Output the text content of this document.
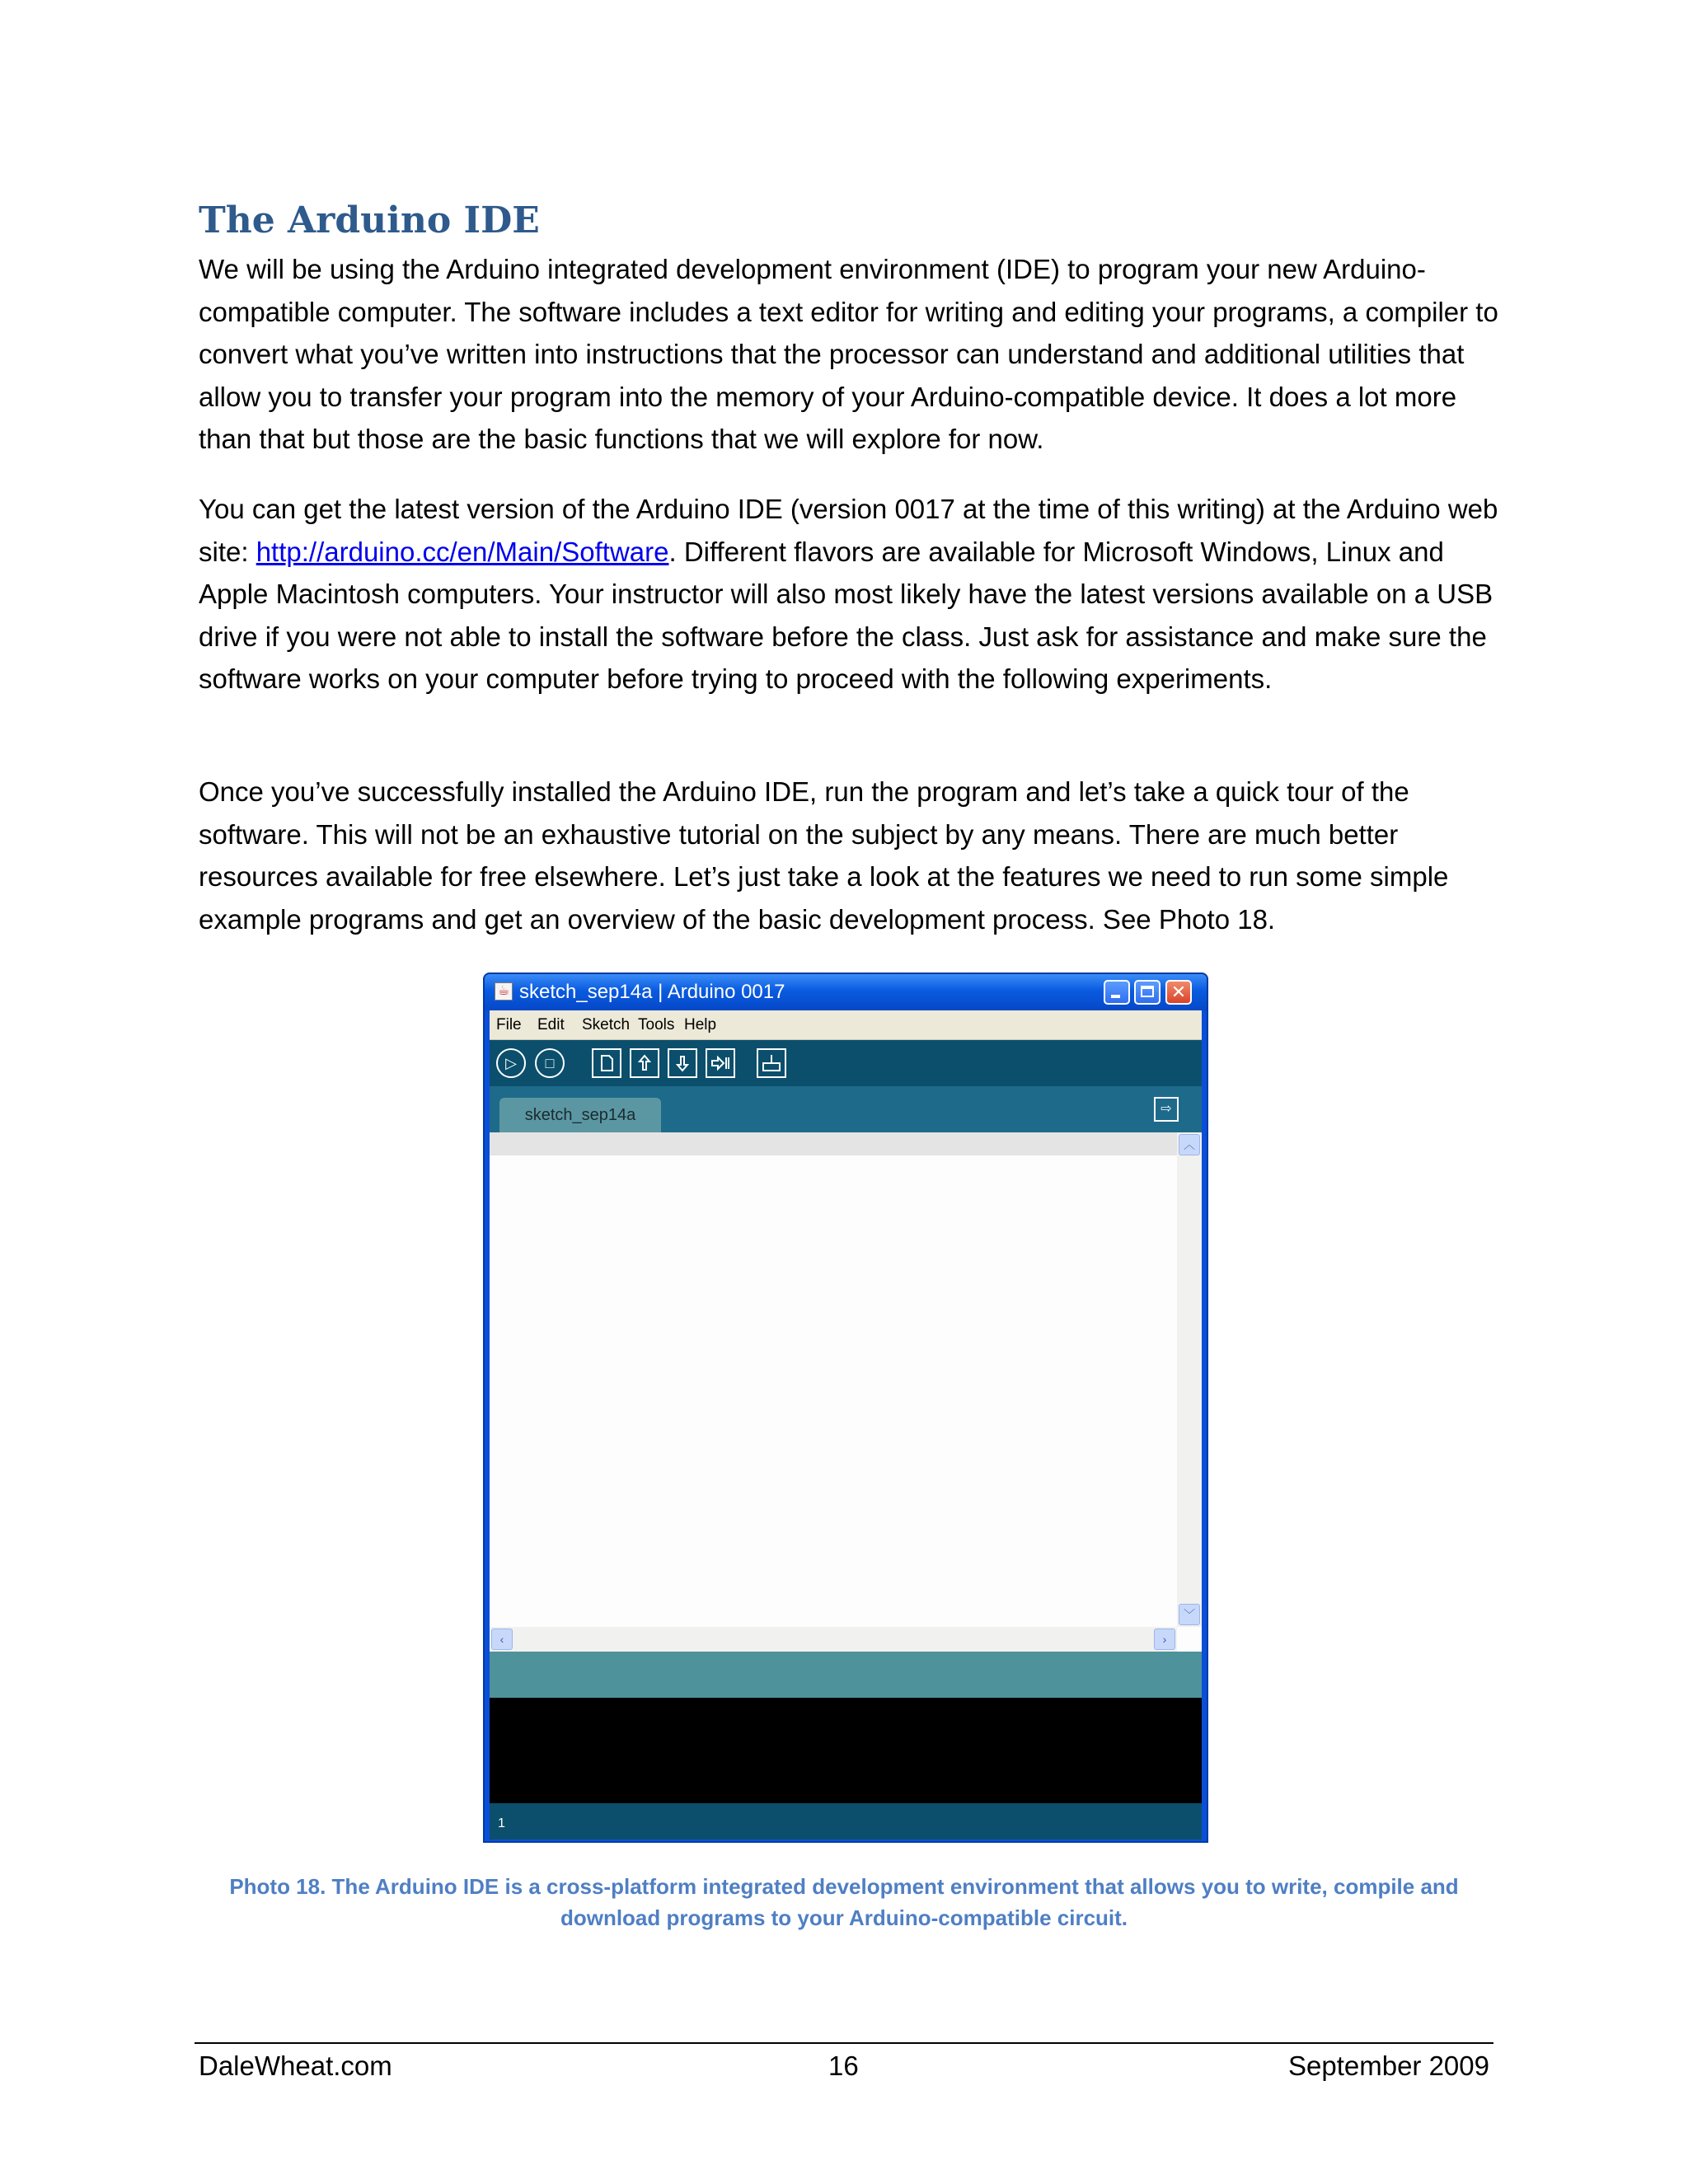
The Arduino IDE

We will be using the Arduino integrated development environment (IDE) to program your new Arduino-compatible computer. The software includes a text editor for writing and editing your programs, a compiler to convert what you’ve written into instructions that the processor can understand and additional utilities that allow you to transfer your program into the memory of your Arduino-compatible device. It does a lot more than that but those are the basic functions that we will explore for now.

You can get the latest version of the Arduino IDE (version 0017 at the time of this writing) at the Arduino web site: http://arduino.cc/en/Main/Software. Different flavors are available for Microsoft Windows, Linux and Apple Macintosh computers. Your instructor will also most likely have the latest versions available on a USB drive if you were not able to install the software before the class. Just ask for assistance and make sure the software works on your computer before trying to proceed with the following experiments.

Once you’ve successfully installed the Arduino IDE, run the program and let’s take a quick tour of the software. This will not be an exhaustive tutorial on the subject by any means. There are much better resources available for free elsewhere. Let’s just take a look at the features we need to run some simple example programs and get an overview of the basic development process. See Photo 18.

☕ sketch_sep14a | Arduino 0017	✕
File Edit Sketch Tools Help
▷	□
sketch_sep14a	⇨
︿
﹀
‹	›
1

Photo 18. The Arduino IDE is a cross-platform integrated development environment that allows you to write, compile and download programs to your Arduino-compatible circuit.

DaleWheat.com	16	September 2009
